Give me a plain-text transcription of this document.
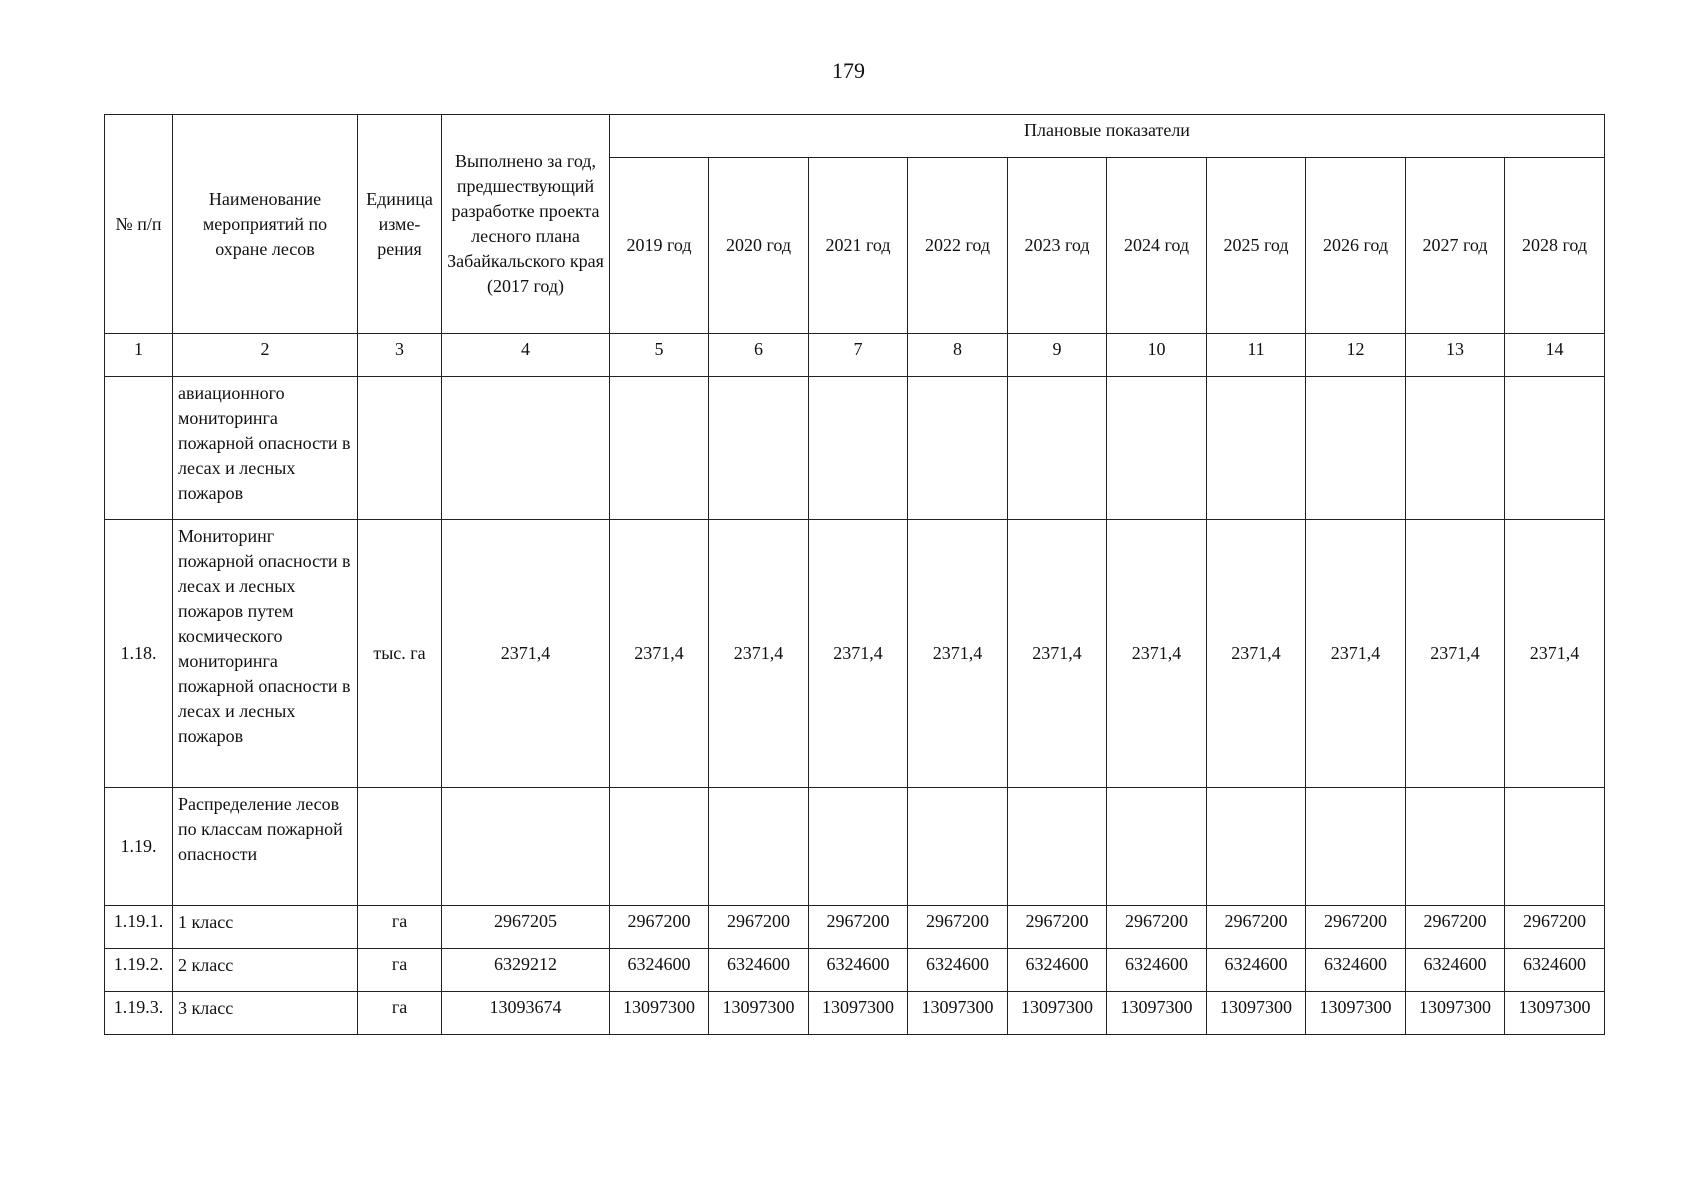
179
№ п/п	Наименование мероприятий по охране лесов	Единица изме-рения	Выполнено за год, предшествующий разработке проекта лесного плана Забайкальского края (2017 год)	Плановые показатели									
				2019 год	2020 год	2021 год	2022 год	2023 год	2024 год	2025 год	2026 год	2027 год	2028 год
1	2	3	4	5	6	7	8	9	10	11	12	13	14
	авиационного мониторинга пожарной опасности в лесах и лесных пожаров												
1.18.	Мониторинг пожарной опасности в лесах и лесных пожаров путем космического мониторинга пожарной опасности в лесах и лесных пожаров	тыс. га	2371,4	2371,4	2371,4	2371,4	2371,4	2371,4	2371,4	2371,4	2371,4	2371,4	2371,4
1.19.	Распределение лесов по классам пожарной опасности												
1.19.1.	1 класс	га	2967205	2967200	2967200	2967200	2967200	2967200	2967200	2967200	2967200	2967200	2967200
1.19.2.	2 класс	га	6329212	6324600	6324600	6324600	6324600	6324600	6324600	6324600	6324600	6324600	6324600
1.19.3.	3 класс	га	13093674	13097300	13097300	13097300	13097300	13097300	13097300	13097300	13097300	13097300	13097300
